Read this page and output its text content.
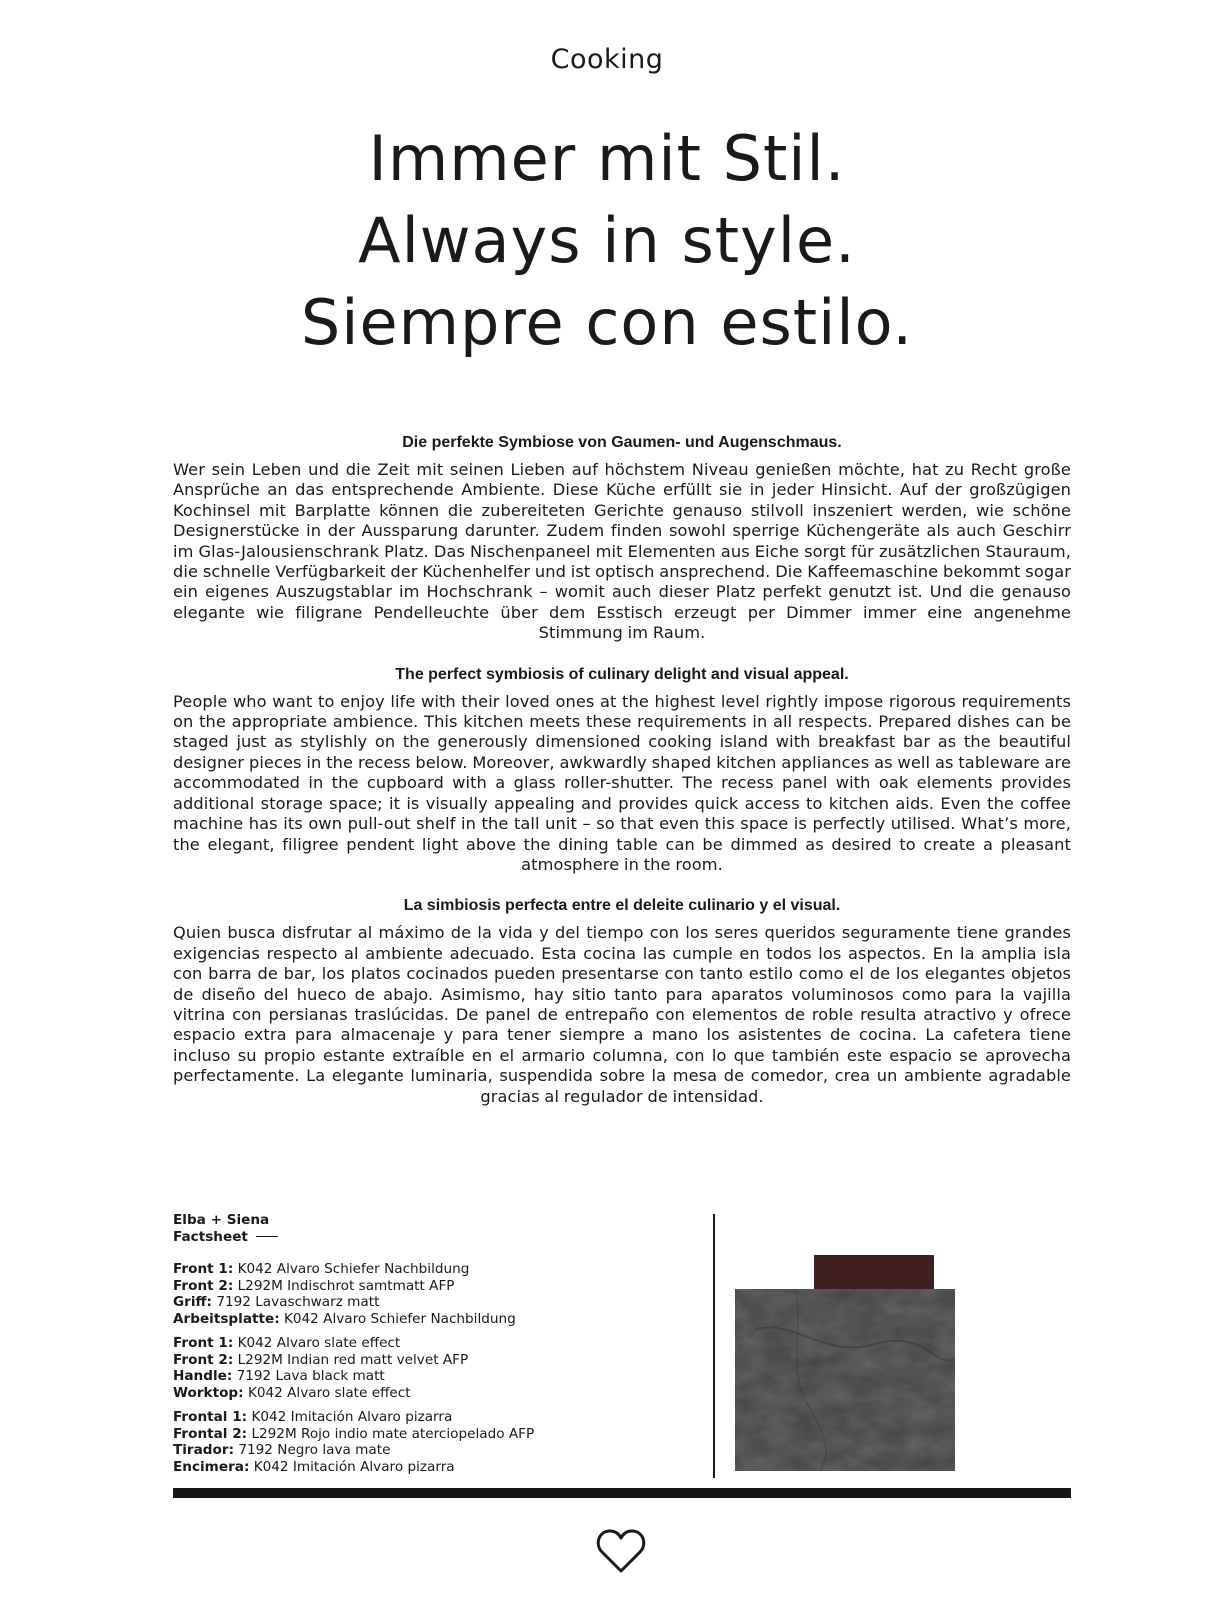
Cooking
Immer mit Stil.
Always in style.
Siempre con estilo.

Die perfekte Symbiose von Gaumen- und Augenschmaus.

Wer sein Leben und die Zeit mit seinen Lieben auf höchstem Niveau genießen möchte, hat zu Recht große Ansprüche an das entsprechende Ambiente. Diese Küche erfüllt sie in jeder Hinsicht. Auf der großzügigen Kochinsel mit Barplatte können die zubereiteten Gerichte genauso stilvoll inszeniert werden, wie schöne Designerstücke in der Aussparung darunter. Zudem finden sowohl sperrige Küchengeräte als auch Geschirr im Glas-Jalousienschrank Platz. Das Nischenpaneel mit Elementen aus Eiche sorgt für zusätzlichen Stauraum, die schnelle Verfügbarkeit der Küchenhelfer und ist optisch ansprechend. Die Kaffeemaschine bekommt sogar ein eigenes Auszugstablar im Hochschrank – womit auch dieser Platz perfekt genutzt ist. Und die genauso elegante wie filigrane Pendelleuchte über dem Esstisch erzeugt per Dimmer immer eine angenehme Stimmung im Raum.

The perfect symbiosis of culinary delight and visual appeal.

People who want to enjoy life with their loved ones at the highest level rightly impose rigorous requirements on the appropriate ambience. This kitchen meets these requirements in all respects. Prepared dishes can be staged just as stylishly on the generously dimensioned cooking island with breakfast bar as the beautiful designer pieces in the recess below. Moreover, awkwardly shaped kitchen appliances as well as tableware are accommodated in the cupboard with a glass roller-shutter. The recess panel with oak elements provides additional storage space; it is visually appealing and provides quick access to kitchen aids. Even the coffee machine has its own pull-out shelf in the tall unit – so that even this space is perfectly utilised. What’s more, the elegant, filigree pendent light above the dining table can be dimmed as desired to create a pleasant atmosphere in the room.

La simbiosis perfecta entre el deleite culinario y el visual.

Quien busca disfrutar al máximo de la vida y del tiempo con los seres queridos seguramente tiene grandes exigencias respecto al ambiente adecuado. Esta cocina las cumple en todos los aspectos. En la amplia isla con barra de bar, los platos cocinados pueden presentarse con tanto estilo como el de los elegantes objetos de diseño del hueco de abajo. Asimismo, hay sitio tanto para aparatos voluminosos como para la vajilla vitrina con persianas traslúcidas. De panel de entrepaño con elementos de roble resulta atractivo y ofrece espacio extra para almacenaje y para tener siempre a mano los asistentes de cocina. La cafetera tiene incluso su propio estante extraíble en el armario columna, con lo que también este espacio se aprovecha perfectamente. La elegante luminaria, suspendida sobre la mesa de comedor, crea un ambiente agradable gracias al regulador de intensidad.

Elba + Siena
Factsheet
Front 1: K042 Alvaro Schiefer Nachbildung
Front 2: L292M Indischrot samtmatt AFP
Griff: 7192 Lavaschwarz matt
Arbeitsplatte: K042 Alvaro Schiefer Nachbildung
Front 1: K042 Alvaro slate effect
Front 2: L292M Indian red matt velvet AFP
Handle: 7192 Lava black matt
Worktop: K042 Alvaro slate effect
Frontal 1: K042 Imitación Alvaro pizarra
Frontal 2: L292M Rojo indio mate aterciopelado AFP
Tirador: 7192 Negro lava mate
Encimera: K042 Imitación Alvaro pizarra
